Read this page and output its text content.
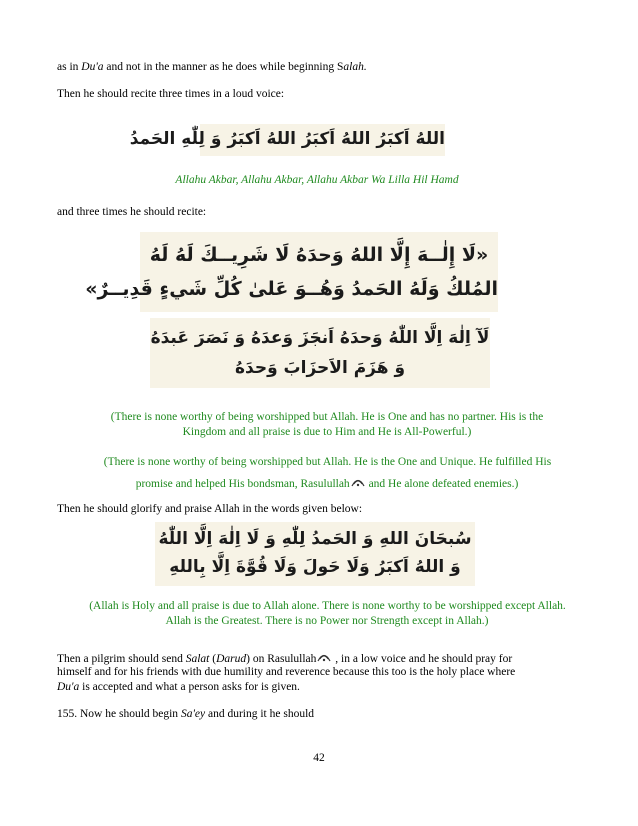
as in Du'a and not in the manner as he does while beginning Salah.

Then he should recite three times in a loud voice:

اللهُ اَكبَرُ اللهُ اَكبَرُ اللهُ اَكبَرُ وَ لِلّٰهِ الحَمدُ

Allahu Akbar, Allahu Akbar, Allahu Akbar Wa Lilla Hil Hamd

and three times he should recite:

«لَا إِلٰــهَ إِلَّا اللهُ وَحدَهُ لَا شَرِيــكَ لَهُ لَهُ
المُلكُ وَلَهُ الحَمدُ وَهُــوَ عَلىٰ كُلِّ شَيءٍ قَدِيــرٌ»
لَآ اِلٰهَ اِلَّا اللّٰهُ وَحدَهُ اَنجَزَ وَعدَهُ وَ نَصَرَ عَبدَهُ
وَ هَزَمَ الاَحزَابَ وَحدَهُ

(There is none worthy of being worshipped but Allah. He is One and has no partner. His is the

Kingdom and all praise is due to Him and He is All-Powerful.)

(There is none worthy of being worshipped but Allah. He is the One and Unique. He fulfilled His

promise and helped His bondsman, Rasulullah and He alone defeated enemies.)

Then he should glorify and praise Allah in the words given below:

سُبحَانَ اللهِ وَ الحَمدُ لِلّٰهِ وَ لَا اِلٰهَ اِلَّا اللّٰهُ
وَ اللهُ اَكبَرُ وَلَا حَولَ وَلَا قُوَّةَ اِلَّا بِاللهِ

(Allah is Holy and all praise is due to Allah alone. There is none worthy to be worshipped except Allah.

Allah is the Greatest. There is no Power nor Strength except in Allah.)

Then a pilgrim should send Salat (Darud) on Rasulullah , in a low voice and he should pray for

himself and for his friends with due humility and reverence because this too is the holy place where

Du'a is accepted and what a person asks for is given.

155. Now he should begin Sa'ey and during it he should

42
